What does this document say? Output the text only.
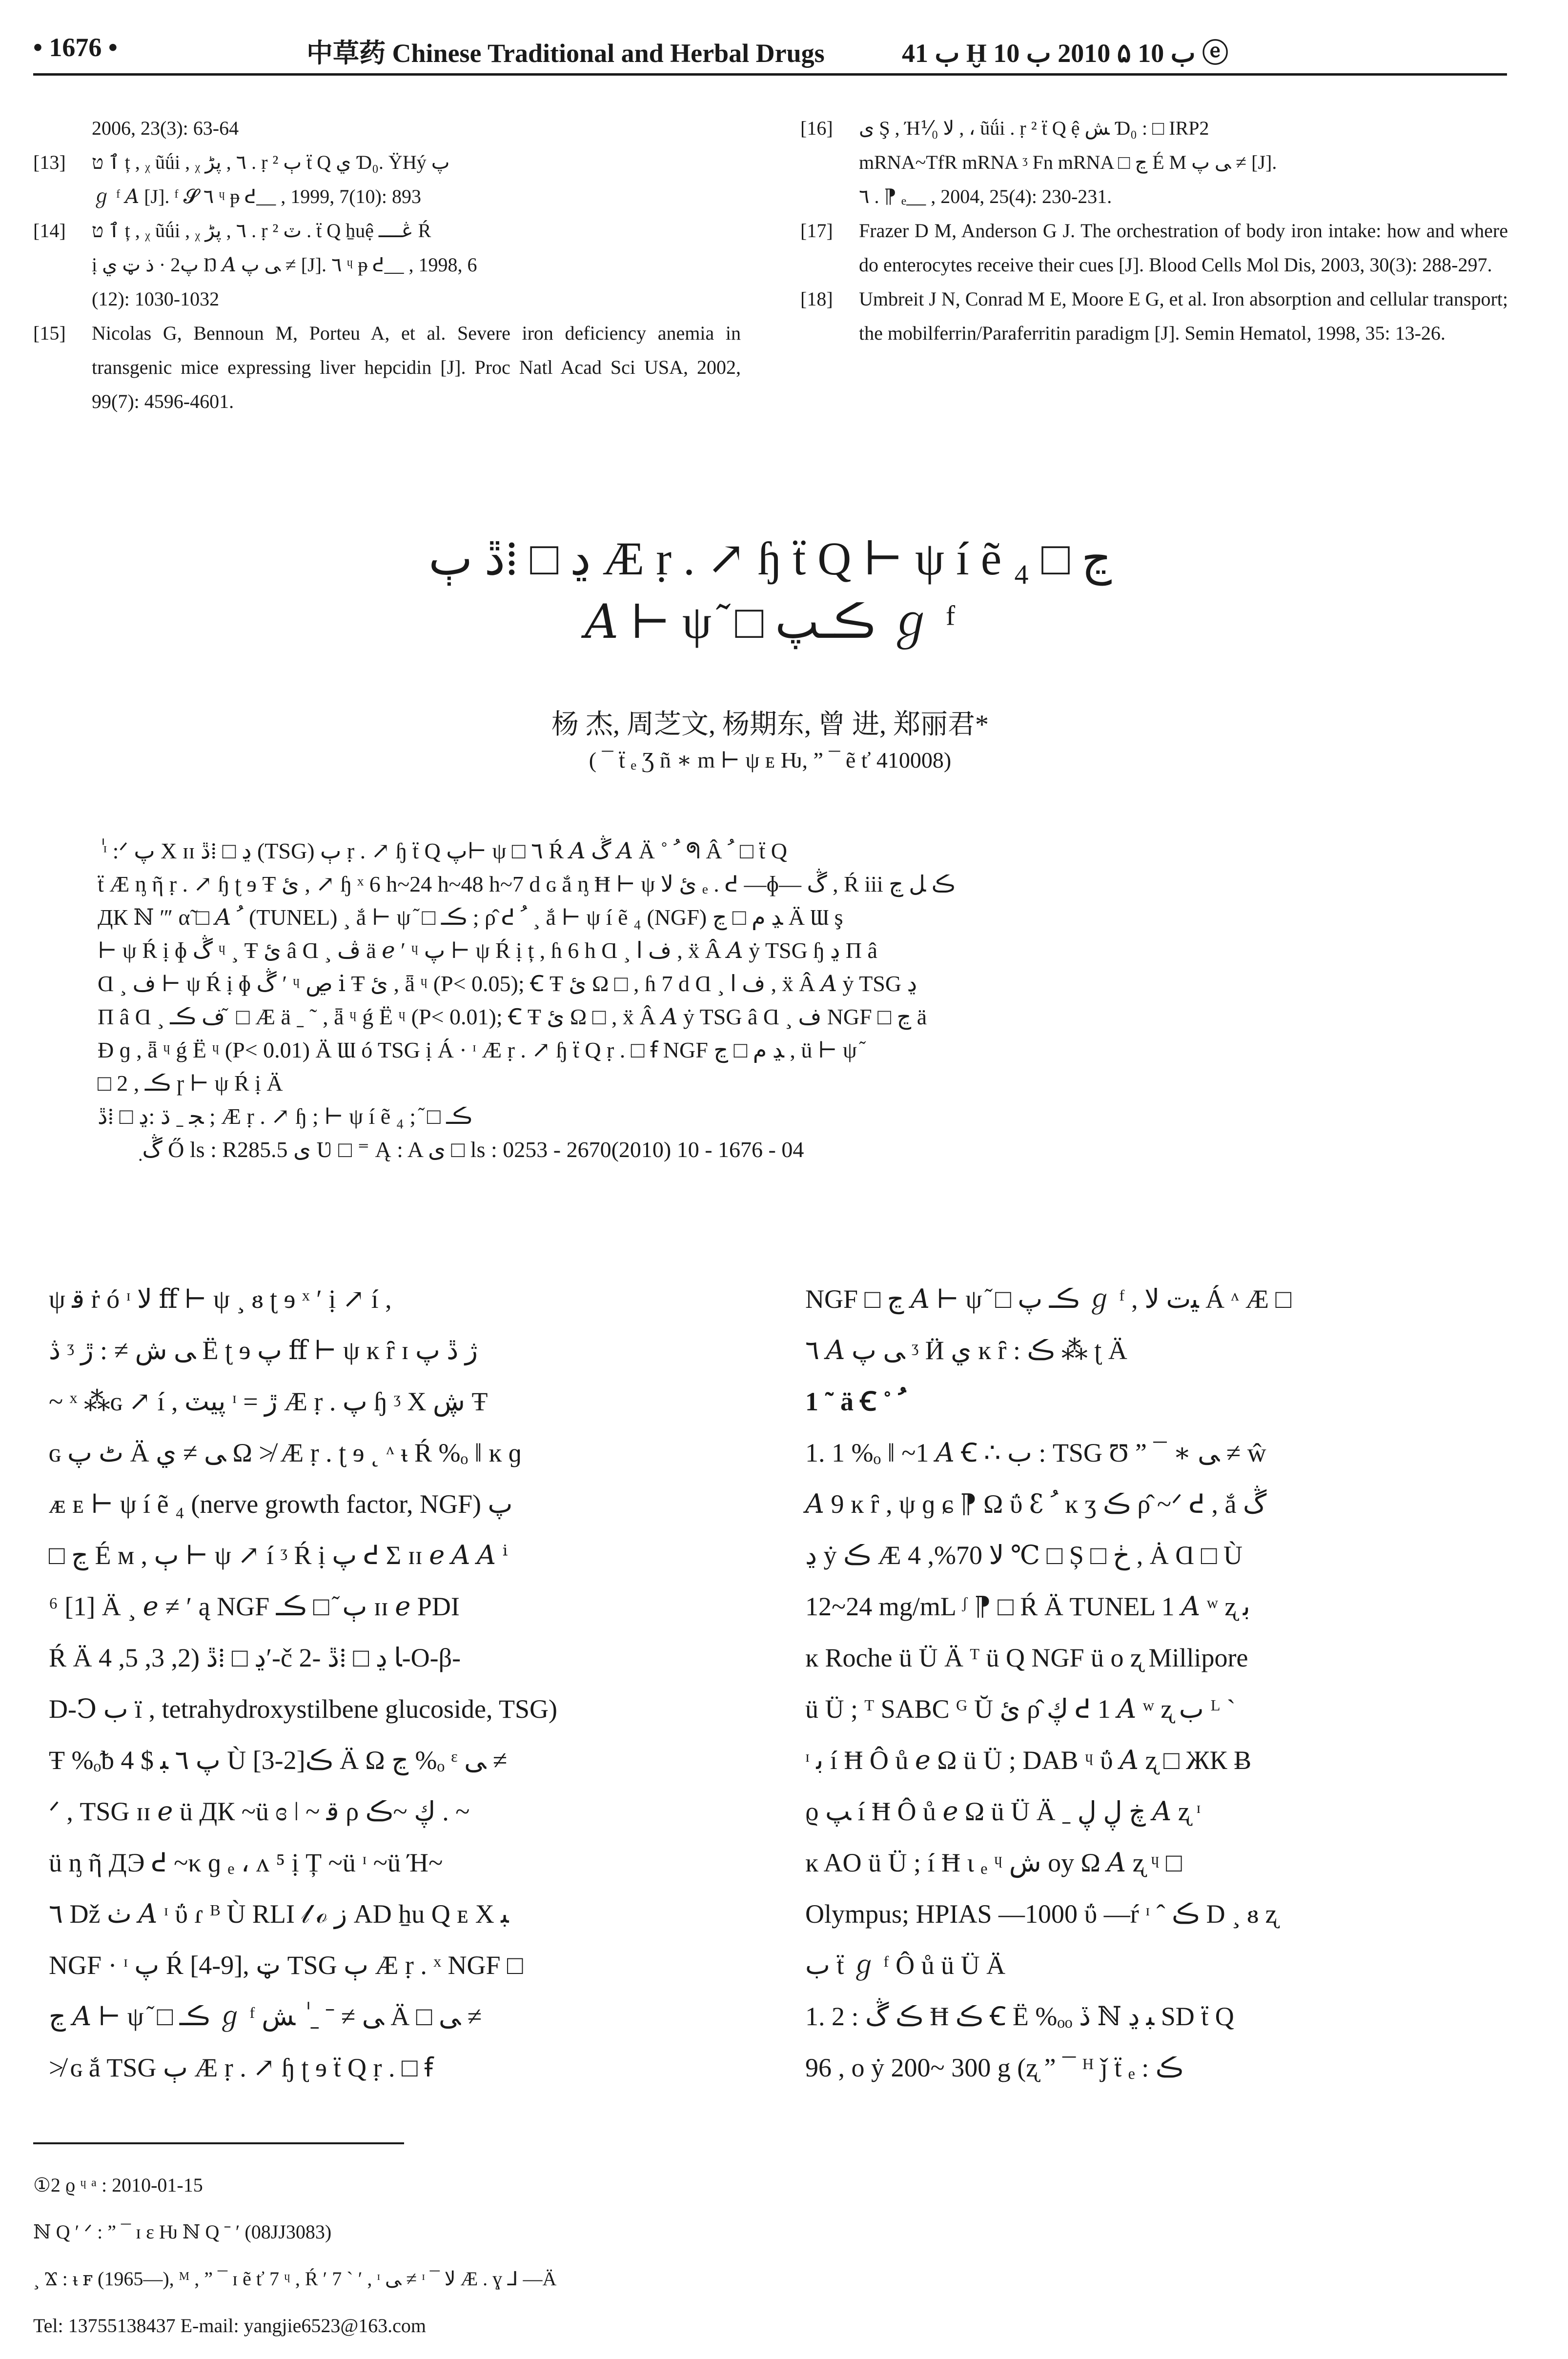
• 1676 •	中草药 Chinese Traditional and Herbal Drugs	ب 41 Ḫ ب 10 ۵ 2010 ب 10 ⓔ
2006, 23(3): 63-64
[13]	ٱ ט ț , ᵪ ũǘi , ᵪ ٦ , پڑ . ṛ ² ٻ ẗ Q ي Ɗ₀. ŸHý پ
ℊ ᶠ 𝐴 [J]. ᶠ 𝓢 ٦ ᶣ ᵽ ᕍ__ , 1999, 7(10): 893
[14]	ٱ ט ț , ᵪ ũǘi , ᵪ ٦ , پڑ . ṛ ² ٽ . ẗ Q ẖuệ ڠــــ Ŕ
ị پ2 · ﺫ ټ ي Ŋ 𝐴 ﻰ پ ≠ [J]. ٦ ᶣ ᵽ ᕍ__ , 1998, 6
(12): 1030-1032
[15]	Nicolas G, Bennoun M, Porteu A, et al. Severe iron deficiency anemia in transgenic mice expressing liver hepcidin [J]. Proc Natl Acad Sci USA, 2002, 99(7): 4596-4601.
[16]	ی Ş , Ή⅟₀ ﻻ , ، ũǘi . ṛ ² ẗ Q ệ ﺶ Ɗ₀ : □ IRP2
mRNA~TfR mRNA ᶾ Fn mRNA □ ڃ É M ﻰ پ ≠ [J].
٦ . ⁋ ₑ__ , 2004, 25(4): 230-231.
[17]	Frazer D M, Anderson G J. The orchestration of body iron intake: how and where do enterocytes receive their cues [J]. Blood Cells Mol Dis, 2003, 30(3): 288-297.
[18]	Umbreit J N, Conrad M E, Moore E G, et al. Iron absorption and cellular transport; the mobilferrin/Paraferritin paradigm [J]. Semin Hematol, 1998, 35: 13-26.
ڍ □ ⁞ڐ ٻ Æ ṛ . ↗ ɧ ẗ Q ⊢ ψ í ẽ ₄ □ ڃ
𝐴 ⊢ ψ ᷉ □ ڪـپ ℊ ᶠ
杨 杰, 周芝文, 杨期东, 曾 进, 郑丽君*
( ¯ ẗ ₑ Ʒ ñ ∗ m ⊢ ψ ᴇ Ƕ, ” ¯ ẽ ť 410008)

ٰ ᶦ :ᐟ پ X ɪɪ ڍ □ ⁞ڐ (TSG) ٻ ṛ . ↗ ɧ ẗ Q پ⊢ ψ □ ٦ Ŕ 𝐴 ڴ 𝐴 Ä ˚ ﹸ ᖗ Â ﹸ □ ẗ Q

ẗ Æ ᶇ ῆ ṛ . ↗ ɧ ʈ ɘ Ŧ ئ , ↗ ɧ ˣ 6 h~24 h~48 h~7 d ɢ ắ ᶇ Ħ ⊢ ψ ئ ﻻ ₑ . ᕍ —ɸ— ڴ , Ŕ iii ڪ ﻞ ڃ

ДК ℕ ʺʹ α̃ □ 𝐴 ﹸ (TUNEL) ¸ ắ ⊢ ψ ᷉ □ ڪـ ; ρ̂ ᕍ ﹸ ¸ ắ ⊢ ψ í ẽ ₄ (NGF) ﮃ م □ ڃ Ä Ɯ ş

⊢ ψ Ŕ ị ɸ ڴ ᶣ ¸ Ŧ ئ â Ɑ ¸ ڤ ä ℯ ′ ᶣ پ ⊢ ψ Ŕ ị ț , ɦ 6 h Ɑ ¸ ﻑ ا , ẍ Â 𝐴 ẏ TSG ɧ ڍ Π â

Ɑ ¸ ﻑ ⊢ ψ Ŕ ị ɸ ڴ ′ ᶣ ڝ ⅰ Ŧ ئ , ǟ ᶣ (P< 0.05); Ꞓ Ŧ ئ Ω □ , ɦ 7 d Ɑ ¸ ﻑ ا , ẍ Â 𝐴 ẏ TSG ڍ

Π â Ɑ ¸ ﻑ ڪـ ᷉ □ Æ ä ˍ ˜ , ǟ ᶣ ǵ Ë ᶣ (P< 0.01); Ꞓ Ŧ ئ Ω □ , ẍ Â 𝐴 ẏ TSG â Ɑ ¸ ﻑ NGF □ ڃ ä

Ɖ ɡ , ǟ ᶣ ǵ Ë ᶣ (P< 0.01) Ä Ɯ ó TSG ị Á · ᶦ Æ ṛ . ↗ ɧ ẗ Q ṛ . □ ꞙ NGF ﮃ م □ ڃ , ü ⊢ ψ ᷉

□ ڪـ , 2 ɼ ⊢ ψ Ŕ ị Ä

ﺠ ˍ ڌ :ڍ □ ⁞ڐ ; Æ ṛ . ↗ ɧ ; ⊢ ψ í ẽ ₄ ; ᷉ □ ڪـ

ٜ ڴ Ő ls : R285.5 ی Ʋ □ ⁼ Ą : A ی □ ls : 0253 - 2670(2010) 10 - 1676 - 04

ψ ﻗ ṙ ó ᶦ ﻻ ﬀ ⊢ ψ ¸ ᴕ ʈ ɘ ˣ ′ ị ↗ í ,

ڎ ᶾ ﻰ ﺵ ≠ : ڙ Ë ʈ ɘ پ ﬀ ⊢ ψ ĸ ȓ ɪ ﮊ ڐ پ

~ ˣ ⁂ɢ ↗ í , پيٽ ᶦ = ڙ Æ ṛ . پ ɧ ᶾ X ڜ Ŧ

ɢ ٹ پ Ä ﻰ ≠ ي Ω ≯ Æ ṛ . ʈ ɘ ˛ ᶺ ᵼ Ŕ %ₒ ǁ ĸ ɡ

ᴁ ᴇ ⊢ ψ í ẽ ₄ (nerve growth factor, NGF) پ

□ ڃ É ᴍ , ٻ ⊢ ψ ↗ í ᶾ Ŕ ị پ ᕍ Σ ɪɪ ℯ 𝐴 𝐴 ⁱ

⁶ [1] Ä ¸ ℯ ≠ ′ ą NGF ٻ ᷉ □ ڪـ ɪɪ ℯ PDI

Ŕ Ä ڍ □ ⁞ڐ (2, 3, 5, 4′-č ﺎ ڍ □ ⁞ڐ -2-O-β-

D-Ↄ ﺏ ï , tetrahydroxystilbene glucoside, TSG)

Ŧ %ₒᵬ 4 $ پ ٦ ﺒ Ù ڪ[2-3] Ä Ω ڃ %ₒ ᵋ ﻰ ≠

ᐟ , TSG ɪɪ ℯ ü ДК ~ü ɞ ǀ ~ ﻗ ρ ڮ ~ڪ . ~

ü ᶇ ῆ ДЭ ᕍ ~κ ɡ ₑ ، ᴧ ⁵ ị Ț ~ü ᶦ ~ü Ή~

٦ Dž ٺ 𝐴 ᶦ ΰ ɾ ᴮ Ù RLI 𝓁 ℴ ز AD ẖu Q ᴇ X ﺒ

NGF · ᶦ پ Ŕ [4-9], ټ TSG ٻ Æ ṛ . ˣ NGF □

ڃ 𝐴 ⊢ ψ ᷉ □ ڪـ ℊ ᶠ ﻰ ≠ ˉ ˍ ٰ ﺶ Ä □ ﻰ ≠

≯ ɢ ắ TSG ٻ Æ ṛ . ↗ ɧ ʈ ɘ ẗ Q ṛ . □ ꞙ

NGF □ ڃ 𝐴 ⊢ ψ ᷉ □ ڪـ پ ℊ ᶠ , ﻴﺕ ﻻ Á ᶺ Æ □

٦ 𝐴 ﻰ پ ᶾ Ӥ ي ĸ ȓ : ڪ ⁂ ʈ Ä

1 ˜ ä Ꞓ ˚ ﹸ

1. 1 %ₒ ǁ ~1 𝐴 Ꞓ ∴ ب : TSG Ʊ ” ¯ ∗ ﻰ ≠ ŵ

𝐴 9 ĸ ȓ , ψ ɡ ɕ ⁋ Ω ΰ ꜫ ﹸ ĸ ʒ ڪ ρ̂ ~ᐟ ᕍ , ắ ڴ

ڍ ẏ ڪ Æ ﻻ 70%, 4 ℃ □ Ș □ ڂ , Ȧ Ɑ □ Ù

12~24 mg/mL ᶴ ⁋ □ Ŕ Ä TUNEL 1 𝐴 ʷ ʐ ﺑ

ĸ Roche ü Ü Ä ᵀ ü Q NGF ü o ʐ Millipore

ü Ü ; ᵀ SABC ᴳ Ŭ ئ ρ̂ ڮ ᕍ 1 𝐴 ʷ ʐ ﺏ ᴸ ˋ

ᶦ ﺑ í Ħ Ô ů ℯ Ω ü Ü ; DAB ᶣ ΰ 𝐴 ʐ □ ЖК Ƀ

ϱ ﭗ í Ħ Ô ů ℯ Ω ü Ü Ä ˍ ڿ ڸ ڸ 𝐴 ʐ ᶦ

ĸ AO ü Ü ; í Ħ ɩ ₑ ᶣ ﺵ oy Ω 𝐴 ʐ ᶣ □

Olympus; HPIAS —1000 ΰ —ŕ ᶦ ˆ ڪ D ¸ ᴕ ʐ

ﺏ ẗ ℊ ᶠ Ô ů ü Ü Ä

1. 2 : ڪ ڴ Ħ ڪ Ꞓ Ë %ₒₒ ڏ ℕ ﺒ ڍ SD ẗ Q

96 , o ẏ 200~ 300 g (ʐ ” ¯ ᴴ ǰ ẗ ₑ : ڪ

①2 ϱ ᶣ ᵃ : 2010-01-15

ℕ Q ′ ᐟ : ” ¯ ɪ ɛ Ƕ ℕ Q ˉ ′ (08JJ3083)

¸ Ϫ : ᵼ ꜰ (1965—), ᴹ , ” ¯ ɪ ẽ ť 7 ᶣ , Ŕ ′ 7 ˋ ′ , ᶦ ﻰ ≠ ᶦ ¯ ﻻ Æ . ɣ ⅃ —Ä

Tel: 13755138437 E-mail: yangjie6523@163.com
